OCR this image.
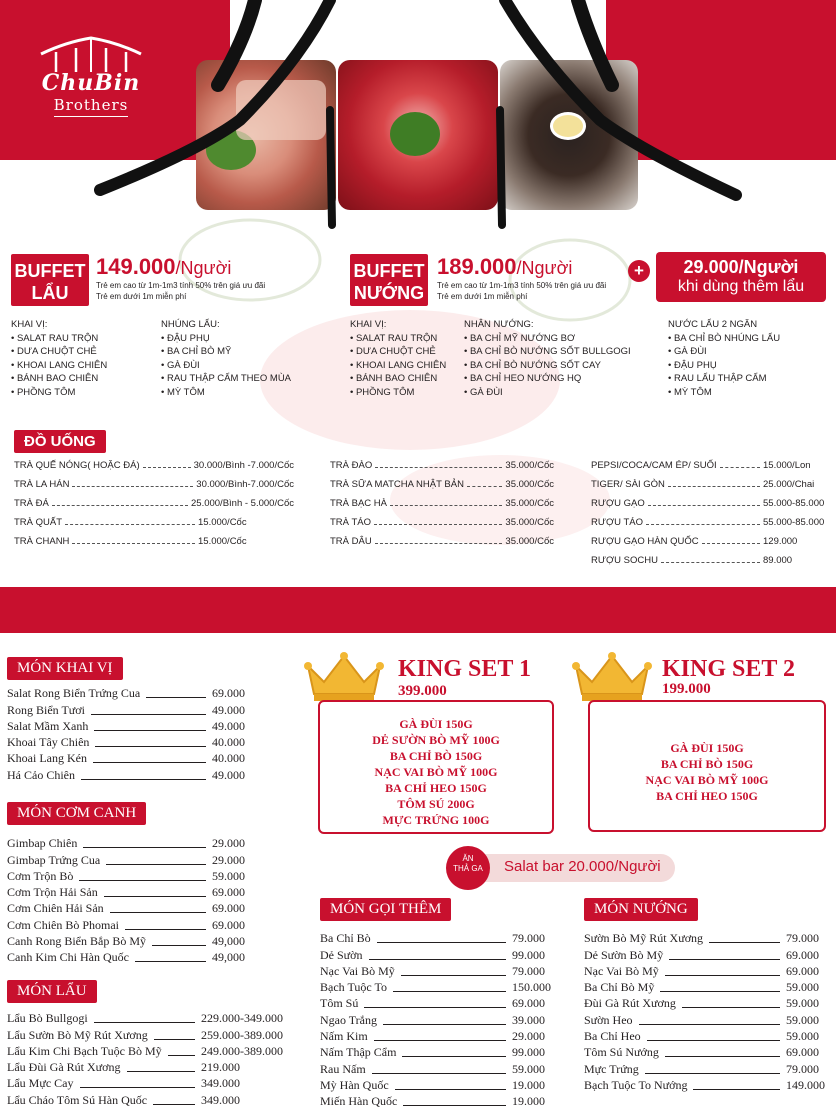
ChuBin
Brothers
BUFFET
LẨU
149.000/Người
Trẻ em cao từ 1m-1m3 tính 50% trên giá ưu đãi
Trẻ em dưới 1m miễn phí
KHAI VỊ:
• SALAT RAU TRỘN
• DƯA CHUỘT CHẺ
• KHOAI LANG CHIÊN
• BÁNH BAO CHIÊN
• PHỒNG TÔM
NHÚNG LẨU:
• ĐẬU PHỤ
• BA CHỈ BÒ MỸ
• GÀ ĐÙI
• RAU THẬP CẨM THEO MÙA
• MỲ TÔM
BUFFET
NƯỚNG
189.000/Người
Trẻ em cao từ 1m-1m3 tính 50% trên giá ưu đãi
Trẻ em dưới 1m miễn phí
KHAI VỊ:
• SALAT RAU TRỘN
• DƯA CHUỘT CHẺ
• KHOAI LANG CHIÊN
• BÁNH BAO CHIÊN
• PHỒNG TÔM
NHÂN NƯỚNG:
• BA CHỈ MỸ NƯỚNG BƠ
• BA CHỈ BÒ NƯỚNG SỐT BULLGOGI
• BA CHỈ BÒ NƯỚNG SỐT CAY
• BA CHỈ HEO NƯỚNG HQ
• GÀ ĐÙI
+	29.000/Người
khi dùng thêm lẩu
NƯỚC LẨU 2 NGĂN
• BA CHỈ BÒ NHÚNG LẨU
• GÀ ĐÙI
• ĐẬU PHỤ
• RAU LẨU THẬP CẨM
• MỲ TÔM
ĐỒ UỐNG
TRÀ QUẾ NÓNG( HOẶC ĐÁ)	30.000/Bình -7.000/Cốc
TRÀ LA HÁN	30.000/Bình-7.000/Cốc
TRÀ ĐÁ	25.000/Bình - 5.000/Cốc
TRÀ QUẤT	15.000/Cốc
TRÀ CHANH	15.000/Cốc
TRÀ ĐÀO	35.000/Cốc
TRÀ SỮA MATCHA NHẬT BẢN	35.000/Cốc
TRÀ BẠC HÀ	35.000/Cốc
TRÀ TÁO	35.000/Cốc
TRÀ DÂU	35.000/Cốc
PEPSI/COCA/CAM ÉP/ SUỐI	15.000/Lon
TIGER/ SÀI GÒN	25.000/Chai
RƯỢU GẠO	55.000-85.000
RƯỢU TÁO	55.000-85.000
RƯỢU GẠO HÀN QUỐC	129.000
RƯỢU SOCHU	89.000
MÓN KHAI VỊ
Salat Rong Biển Trứng Cua	69.000
Rong Biển Tươi	49.000
Salat Mầm Xanh	49.000
Khoai Tây Chiên	40.000
Khoai Lang Kén	40.000
Há Cảo Chiên	49.000
MÓN CƠM CANH
Gimbap Chiên	29.000
Gimbap Trứng Cua	29.000
Cơm Trộn Bò	59.000
Cơm Trộn Hải Sản	69.000
Cơm Chiên Hải Sản	69.000
Cơm Chiên Bò Phomai	69.000
Canh Rong Biển Bắp Bò Mỹ	49,000
Canh Kim Chi Hàn Quốc	49,000
MÓN LẨU
Lẩu Bò Bullgogi	229.000-349.000
Lẩu Sườn Bò Mỹ Rút Xương	259.000-389.000
Lẩu Kim Chi Bạch Tuộc Bò Mỹ	249.000-389.000
Lẩu Đùi Gà Rút Xương	219.000
Lẩu Mực Cay	349.000
Lẩu Cháo Tôm Sú Hàn Quốc	349.000
KING SET 1
399.000
GÀ ĐÙI 150G
DẺ SƯỜN BÒ MỸ 100G
BA CHỈ BÒ 150G
NẠC VAI BÒ MỸ 100G
BA CHỈ HEO 150G
TÔM SÚ 200G
MỰC TRỨNG 100G
KING SET 2
199.000
GÀ ĐÙI 150G
BA CHỈ BÒ 150G
NẠC VAI BÒ MỸ 100G
BA CHỈ HEO 150G
Salat bar 20.000/Người
ĂN
THẢ GA
MÓN GỌI THÊM
Ba Chỉ Bò	79.000
Dẻ Sườn	99.000
Nạc Vai Bò Mỹ	79.000
Bạch Tuộc To	150.000
Tôm Sú	69.000
Ngao Trắng	39.000
Nấm Kim	29.000
Nấm Thập Cẩm	99.000
Rau Nấm	59.000
Mỳ Hàn Quốc	19.000
Miến Hàn Quốc	19.000
MÓN NƯỚNG
Sườn Bò Mỹ Rút Xương	79.000
Dẻ Sườn Bò Mỹ	69.000
Nạc Vai Bò Mỹ	69.000
Ba Chỉ Bò Mỹ	59.000
Đùi Gà Rút Xương	59.000
Sườn Heo	59.000
Ba Chỉ Heo	59.000
Tôm Sú Nướng	69.000
Mực Trứng	79.000
Bạch Tuộc To Nướng	149.000
